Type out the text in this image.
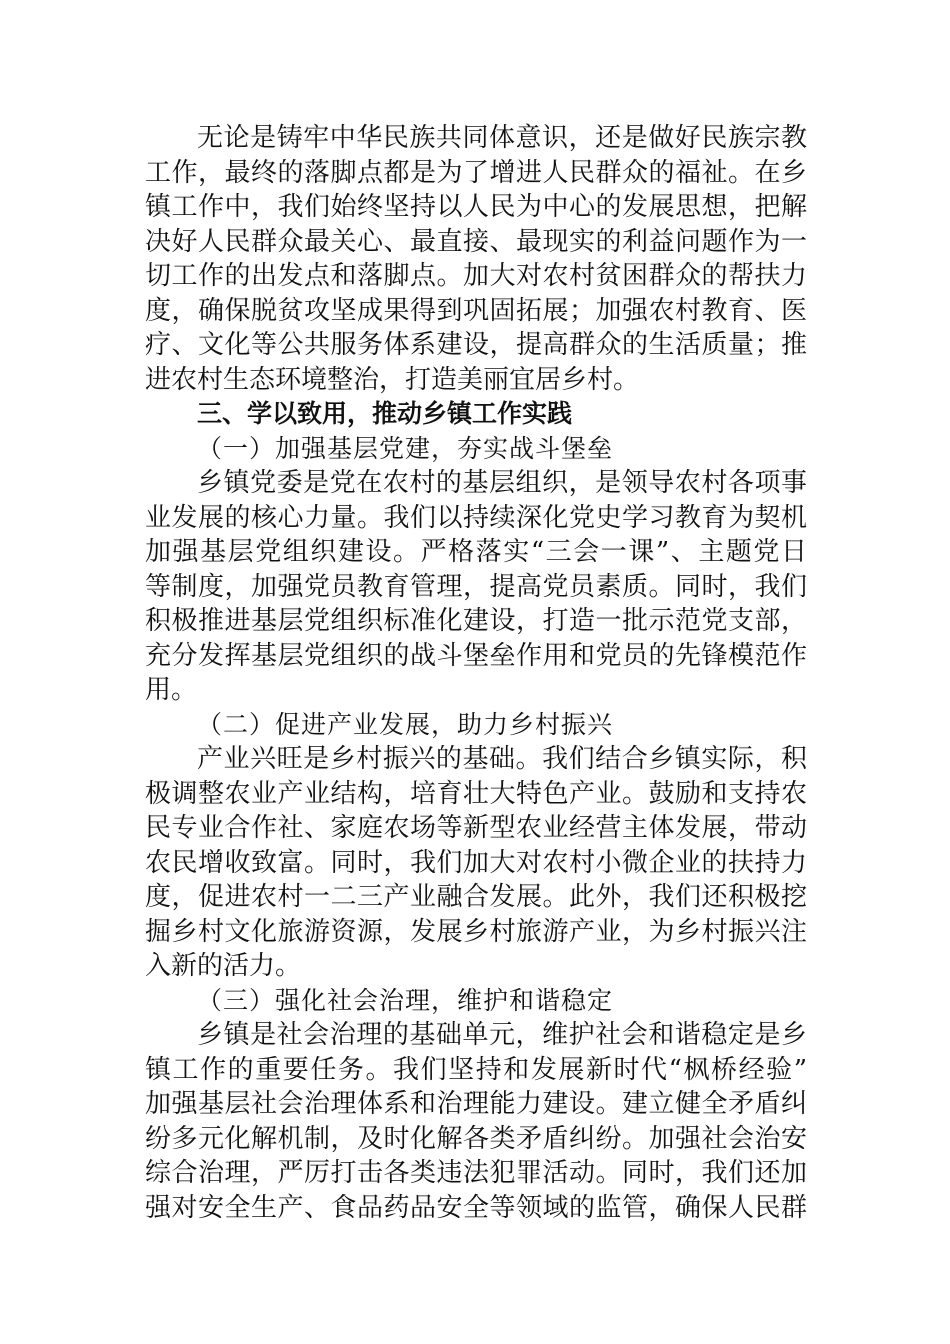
无论是铸牢中华民族共同体意识，还是做好民族宗教
工作，最终的落脚点都是为了增进人民群众的福祉。在乡
镇工作中，我们始终坚持以人民为中心的发展思想，把解
决好人民群众最关心、最直接、最现实的利益问题作为一
切工作的出发点和落脚点。加大对农村贫困群众的帮扶力
度，确保脱贫攻坚成果得到巩固拓展；加强农村教育、医
疗、文化等公共服务体系建设，提高群众的生活质量；推
进农村生态环境整治，打造美丽宜居乡村。
三、学以致用，推动乡镇工作实践
（一）加强基层党建，夯实战斗堡垒
乡镇党委是党在农村的基层组织，是领导农村各项事
业发展的核心力量。我们以持续深化党史学习教育为契机
加强基层党组织建设。严格落实“三会一课”、主题党日
等制度，加强党员教育管理，提高党员素质。同时，我们
积极推进基层党组织标准化建设，打造一批示范党支部，
充分发挥基层党组织的战斗堡垒作用和党员的先锋模范作
用。
（二）促进产业发展，助力乡村振兴
产业兴旺是乡村振兴的基础。我们结合乡镇实际，积
极调整农业产业结构，培育壮大特色产业。鼓励和支持农
民专业合作社、家庭农场等新型农业经营主体发展，带动
农民增收致富。同时，我们加大对农村小微企业的扶持力
度，促进农村一二三产业融合发展。此外，我们还积极挖
掘乡村文化旅游资源，发展乡村旅游产业，为乡村振兴注
入新的活力。
（三）强化社会治理，维护和谐稳定
乡镇是社会治理的基础单元，维护社会和谐稳定是乡
镇工作的重要任务。我们坚持和发展新时代“枫桥经验”
加强基层社会治理体系和治理能力建设。建立健全矛盾纠
纷多元化解机制，及时化解各类矛盾纠纷。加强社会治安
综合治理，严厉打击各类违法犯罪活动。同时，我们还加
强对安全生产、食品药品安全等领域的监管，确保人民群
